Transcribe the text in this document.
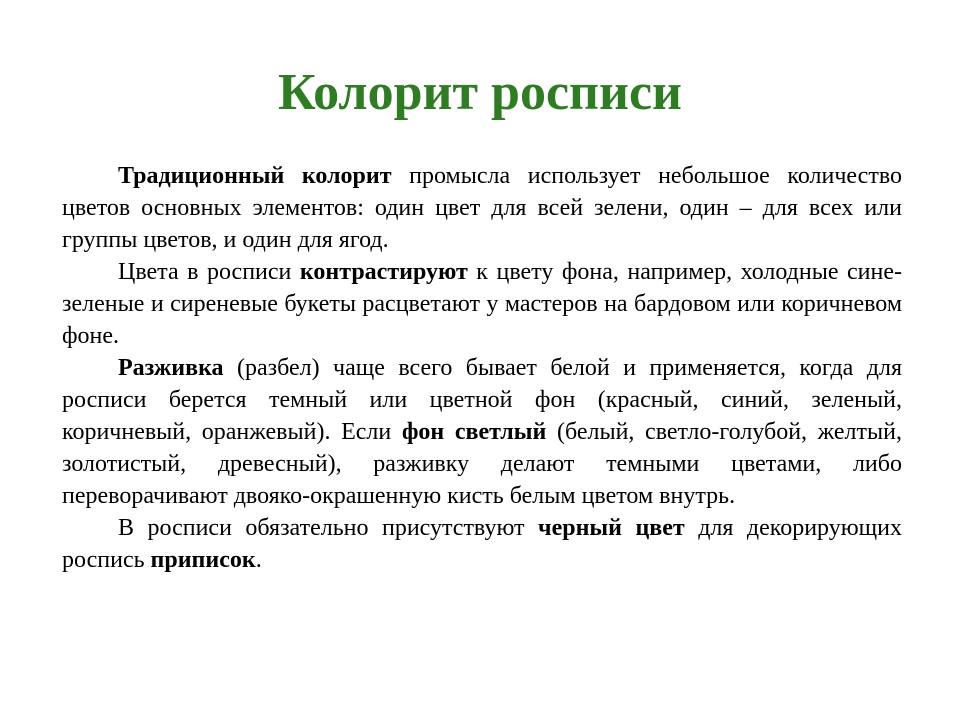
Колорит росписи

Традиционный колорит промысла использует небольшое количество цветов основных элементов: один цвет для всей зелени, один – для всех или группы цветов, и один для ягод.

Цвета в росписи контрастируют к цвету фона, например, холодные сине-зеленые и сиреневые букеты расцветают у мастеров на бардовом или коричневом фоне.

Разживка (разбел) чаще всего бывает белой и применяется, когда для росписи берется темный или цветной фон (красный, синий, зеленый, коричневый, оранжевый). Если фон светлый (белый, светло-голубой, желтый, золотистый, древесный), разживку делают темными цветами, либо переворачивают двояко-окрашенную кисть белым цветом внутрь.

В росписи обязательно присутствуют черный цвет для декорирующих роспись приписок.
